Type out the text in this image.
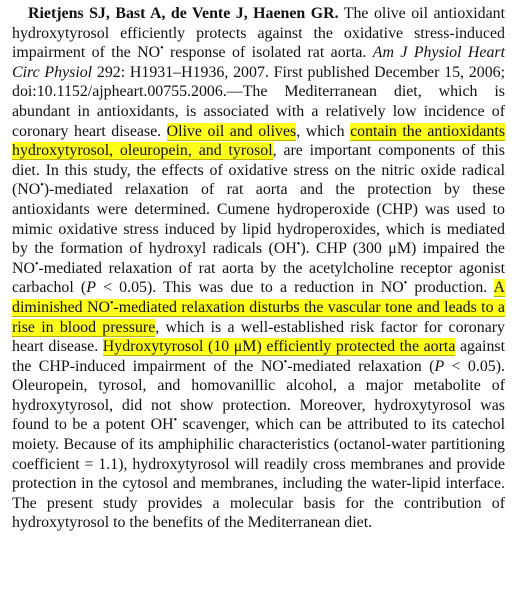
Rietjens SJ, Bast A, de Vente J, Haenen GR. The olive oil antioxidant hydroxytyrosol efficiently protects against the oxidative stress-induced impairment of the NO• response of isolated rat aorta. Am J Physiol Heart Circ Physiol 292: H1931–H1936, 2007. First published December 15, 2006; doi:10.1152/ajpheart.00755.2006.—The Mediterranean diet, which is abundant in antioxidants, is associated with a relatively low incidence of coronary heart disease. Olive oil and olives, which contain the antioxidants hydroxytyrosol, oleuropein, and tyrosol, are important components of this diet. In this study, the effects of oxidative stress on the nitric oxide radical (NO•)-mediated relaxation of rat aorta and the protection by these antioxidants were determined. Cumene hydroperoxide (CHP) was used to mimic oxidative stress induced by lipid hydroperoxides, which is mediated by the formation of hydroxyl radicals (OH•). CHP (300 μM) impaired the NO•-mediated relaxation of rat aorta by the acetylcholine receptor agonist carbachol (P < 0.05). This was due to a reduction in NO• production. A diminished NO•-mediated relaxation disturbs the vascular tone and leads to a rise in blood pressure, which is a well-established risk factor for coronary heart disease. Hydroxytyrosol (10 μM) efficiently protected the aorta against the CHP-induced impairment of the NO•-mediated relaxation (P < 0.05). Oleuropein, tyrosol, and homovanillic alcohol, a major metabolite of hydroxytyrosol, did not show protection. Moreover, hydroxytyrosol was found to be a potent OH• scavenger, which can be attributed to its catechol moiety. Because of its amphiphilic characteristics (octanol-water partitioning coefficient = 1.1), hydroxytyrosol will readily cross membranes and provide protection in the cytosol and membranes, including the water-lipid interface. The present study provides a molecular basis for the contribution of hydroxytyrosol to the benefits of the Mediterranean diet.
